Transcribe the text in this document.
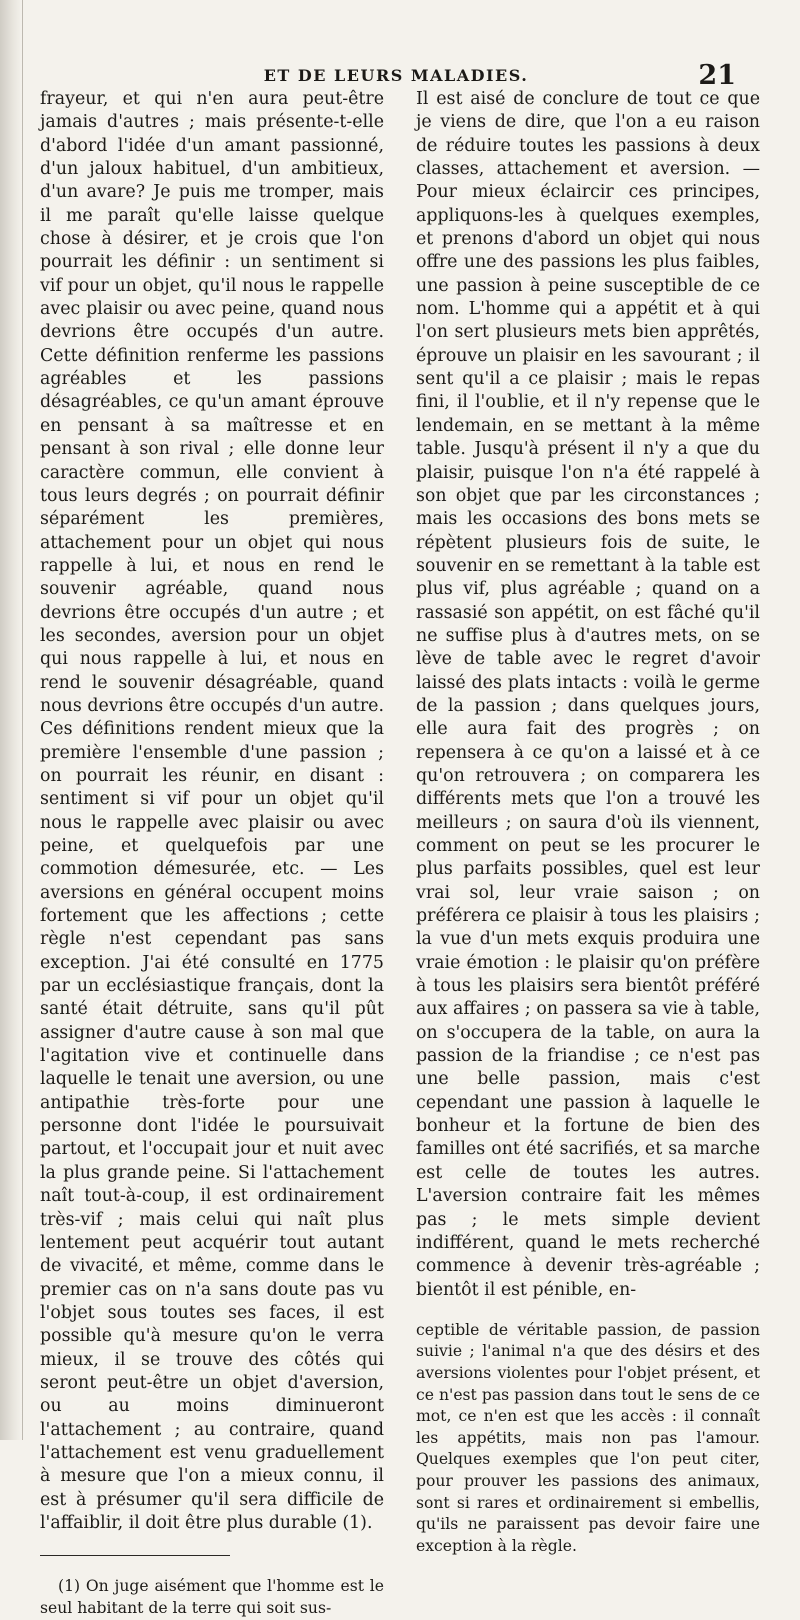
ET DE LEURS MALADIES.	21

frayeur, et qui n'en aura peut-être jamais d'autres ; mais présente-t-elle d'abord l'idée d'un amant passionné, d'un jaloux habituel, d'un ambitieux, d'un avare? Je puis me tromper, mais il me paraît qu'elle laisse quelque chose à désirer, et je crois que l'on pourrait les définir : un sentiment si vif pour un objet, qu'il nous le rappelle avec plaisir ou avec peine, quand nous devrions être occupés d'un autre. Cette définition renferme les passions agréables et les passions désagréables, ce qu'un amant éprouve en pensant à sa maîtresse et en pensant à son rival ; elle donne leur caractère commun, elle convient à tous leurs degrés ; on pourrait définir séparément les premières, attachement pour un objet qui nous rappelle à lui, et nous en rend le souvenir agréable, quand nous devrions être occupés d'un autre ; et les secondes, aversion pour un objet qui nous rappelle à lui, et nous en rend le souvenir désagréable, quand nous devrions être occupés d'un autre. Ces définitions rendent mieux que la première l'ensemble d'une passion ; on pourrait les réunir, en disant : sentiment si vif pour un objet qu'il nous le rappelle avec plaisir ou avec peine, et quelquefois par une commotion démesurée, etc. — Les aversions en général occupent moins fortement que les affections ; cette règle n'est cependant pas sans exception. J'ai été consulté en 1775 par un ecclésiastique français, dont la santé était détruite, sans qu'il pût assigner d'autre cause à son mal que l'agitation vive et continuelle dans laquelle le tenait une aversion, ou une antipathie très-forte pour une personne dont l'idée le poursuivait partout, et l'occupait jour et nuit avec la plus grande peine. Si l'attachement naît tout-à-coup, il est ordinairement très-vif ; mais celui qui naît plus lentement peut acquérir tout autant de vivacité, et même, comme dans le premier cas on n'a sans doute pas vu l'objet sous toutes ses faces, il est possible qu'à mesure qu'on le verra mieux, il se trouve des côtés qui seront peut-être un objet d'aversion, ou au moins diminueront l'attachement ; au contraire, quand l'attachement est venu graduellement à mesure que l'on a mieux connu, il est à présumer qu'il sera difficile de l'affaiblir, il doit être plus durable (1).

(1) On juge aisément que l'homme est le seul habitant de la terre qui soit sus-

Il est aisé de conclure de tout ce que je viens de dire, que l'on a eu raison de réduire toutes les passions à deux classes, attachement et aversion. — Pour mieux éclaircir ces principes, appliquons-les à quelques exemples, et prenons d'abord un objet qui nous offre une des passions les plus faibles, une passion à peine susceptible de ce nom. L'homme qui a appétit et à qui l'on sert plusieurs mets bien apprêtés, éprouve un plaisir en les savourant ; il sent qu'il a ce plaisir ; mais le repas fini, il l'oublie, et il n'y repense que le lendemain, en se mettant à la même table. Jusqu'à présent il n'y a que du plaisir, puisque l'on n'a été rappelé à son objet que par les circonstances ; mais les occasions des bons mets se répètent plusieurs fois de suite, le souvenir en se remettant à la table est plus vif, plus agréable ; quand on a rassasié son appétit, on est fâché qu'il ne suffise plus à d'autres mets, on se lève de table avec le regret d'avoir laissé des plats intacts : voilà le germe de la passion ; dans quelques jours, elle aura fait des progrès ; on repensera à ce qu'on a laissé et à ce qu'on retrouvera ; on comparera les différents mets que l'on a trouvé les meilleurs ; on saura d'où ils viennent, comment on peut se les procurer le plus parfaits possibles, quel est leur vrai sol, leur vraie saison ; on préférera ce plaisir à tous les plaisirs ; la vue d'un mets exquis produira une vraie émotion : le plaisir qu'on préfère à tous les plaisirs sera bientôt préféré aux affaires ; on passera sa vie à table, on s'occupera de la table, on aura la passion de la friandise ; ce n'est pas une belle passion, mais c'est cependant une passion à laquelle le bonheur et la fortune de bien des familles ont été sacrifiés, et sa marche est celle de toutes les autres. L'aversion contraire fait les mêmes pas ; le mets simple devient indifférent, quand le mets recherché commence à devenir très-agréable ; bientôt il est pénible, en-

ceptible de véritable passion, de passion suivie ; l'animal n'a que des désirs et des aversions violentes pour l'objet présent, et ce n'est pas passion dans tout le sens de ce mot, ce n'en est que les accès : il connaît les appétits, mais non pas l'amour. Quelques exemples que l'on peut citer, pour prouver les passions des animaux, sont si rares et ordinairement si embellis, qu'ils ne paraissent pas devoir faire une exception à la règle.
